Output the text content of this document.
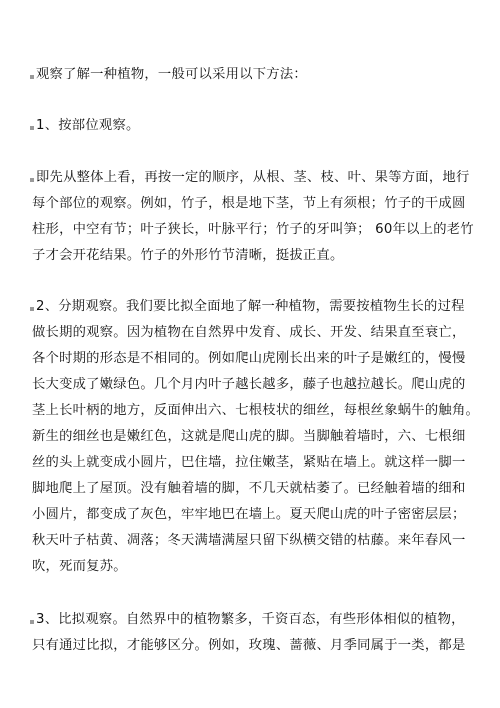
观察了解一种植物，一般可以采用以下方法：
1、按部位观察。
即先从整体上看，再按一定的顺序，从根、茎、枝、叶、果等方面，地行
每个部位的观察。例如，竹子，根是地下茎，节上有须根；竹子的干成圆
柱形，中空有节；叶子狭长，叶脉平行；竹子的牙叫笋； 60年以上的老竹
子才会开花结果。竹子的外形竹节清晰，挺拔正直。
2、分期观察。我们要比拟全面地了解一种植物，需要按植物生长的过程
做长期的观察。因为植物在自然界中发育、成长、开发、结果直至衰亡，
各个时期的形态是不相同的。例如爬山虎刚长出来的叶子是嫩红的，慢慢
长大变成了嫩绿色。几个月内叶子越长越多，藤子也越拉越长。爬山虎的
茎上长叶柄的地方，反面伸出六、七根枝状的细丝，每根丝象蜗牛的触角。
新生的细丝也是嫩红色，这就是爬山虎的脚。当脚触着墙时，六、七根细
丝的头上就变成小圆片，巴住墙，拉住嫩茎，紧贴在墙上。就这样一脚一
脚地爬上了屋顶。没有触着墙的脚，不几天就枯萎了。已经触着墙的细和
小圆片，都变成了灰色，牢牢地巴在墙上。夏天爬山虎的叶子密密层层；
秋天叶子枯黄、凋落；冬天满墙满屋只留下纵横交错的枯藤。来年春风一
吹，死而复苏。
3、比拟观察。自然界中的植物繁多，千资百态，有些形体相似的植物，
只有通过比拟，才能够区分。例如，玫瑰、蔷薇、月季同属于一类，都是
